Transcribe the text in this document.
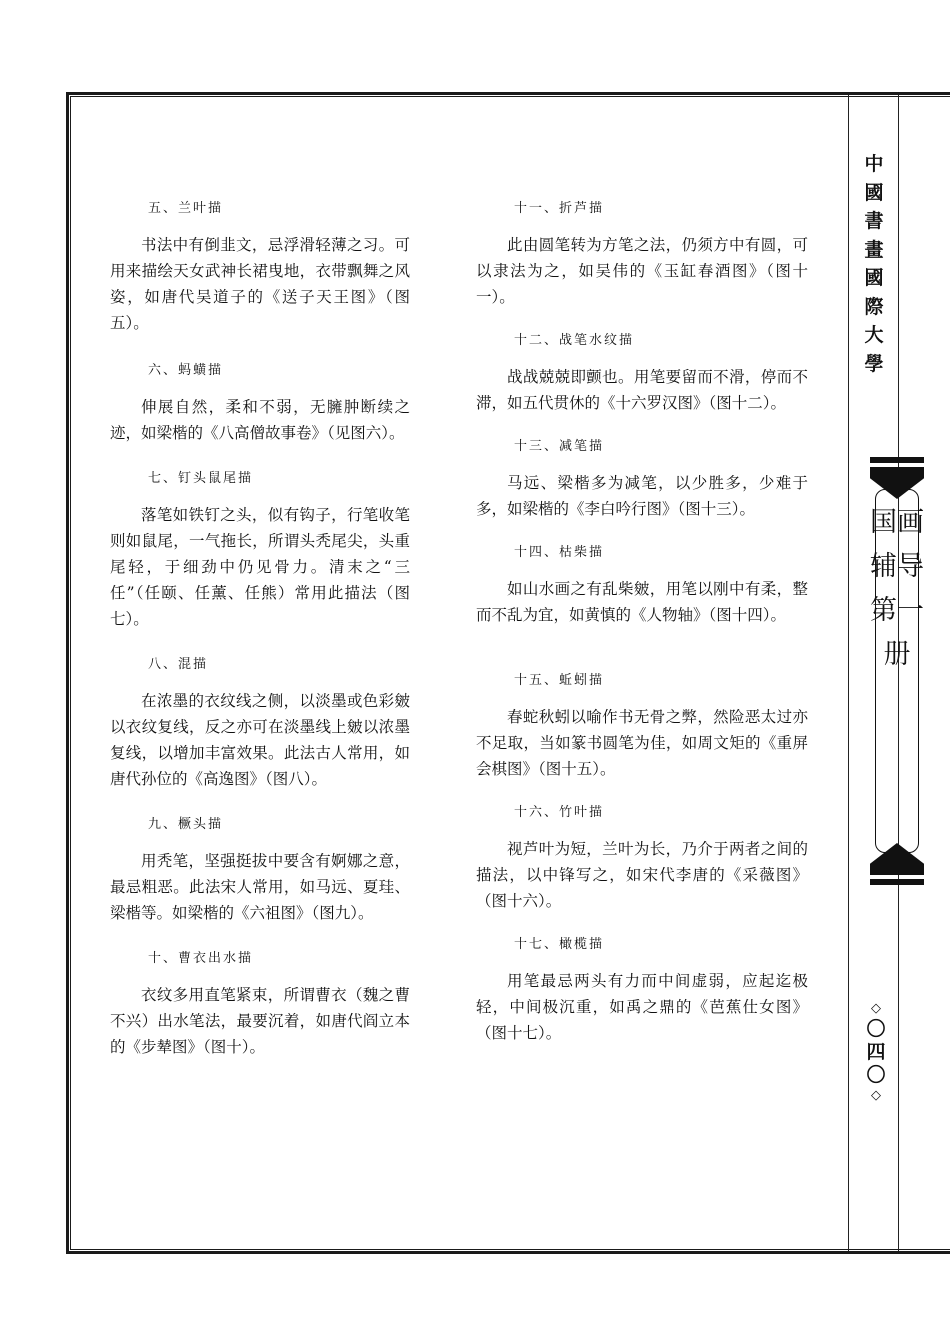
五、兰叶描

书法中有倒韭文，忌浮滑轻薄之习。可用来描绘天女武神长裙曳地，衣带飘舞之风姿，如唐代吴道子的《送子天王图》（图五）。

六、蚂蟥描

伸展自然，柔和不弱，无臃肿断续之迹，如梁楷的《八高僧故事卷》（见图六）。

七、钉头鼠尾描

落笔如铁钉之头，似有钩子，行笔收笔则如鼠尾，一气拖长，所谓头秃尾尖，头重尾轻，于细劲中仍见骨力。清末之“三任”（任颐、任薰、任熊）常用此描法（图七）。

八、混描

在浓墨的衣纹线之侧，以淡墨或色彩皴以衣纹复线，反之亦可在淡墨线上皴以浓墨复线，以增加丰富效果。此法古人常用，如唐代孙位的《高逸图》（图八）。

九、橛头描

用秃笔，坚强挺拔中要含有婀娜之意，最忌粗恶。此法宋人常用，如马远、夏珪、梁楷等。如梁楷的《六祖图》（图九）。

十、曹衣出水描

衣纹多用直笔紧束，所谓曹衣（魏之曹不兴）出水笔法，最要沉着，如唐代阎立本的《步辇图》（图十）。

十一、折芦描

此由圆笔转为方笔之法，仍须方中有圆，可以隶法为之，如吴伟的《玉缸春酒图》（图十一）。

十二、战笔水纹描

战战兢兢即颤也。用笔要留而不滑，停而不滞，如五代贯休的《十六罗汉图》（图十二）。

十三、减笔描

马远、梁楷多为减笔，以少胜多，少难于多，如梁楷的《李白吟行图》（图十三）。

十四、枯柴描

如山水画之有乱柴皴，用笔以刚中有柔，整而不乱为宜，如黄慎的《人物轴》（图十四）。

十五、蚯蚓描

春蛇秋蚓以喻作书无骨之弊，然险恶太过亦不足取，当如篆书圆笔为佳，如周文矩的《重屏会棋图》（图十五）。

十六、竹叶描

视芦叶为短，兰叶为长，乃介于两者之间的描法，以中锋写之，如宋代李唐的《采薇图》（图十六）。

十七、橄榄描

用笔最忌两头有力而中间虚弱，应起迄极轻，中间极沉重，如禹之鼎的《芭蕉仕女图》（图十七）。

中國書畫國際大學
国画辅导第一册
◇
〇四〇
◇
